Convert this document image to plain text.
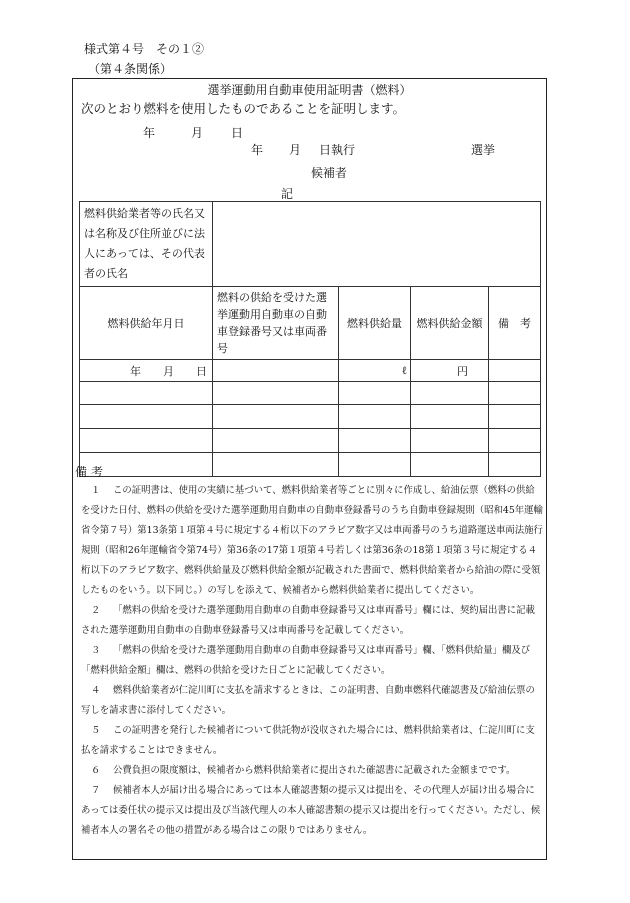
様式第４号　その１②
（第４条関係）
選挙運動用自動車使用証明書（燃料）
次のとおり燃料を使用したものであることを証明します。
年	月 日
年 月 日執行	選挙
候補者
記
燃料供給業者等の氏名又は名称及び住所並びに法人にあっては、その代表者の氏名				
燃料供給年月日	燃料の供給を受けた選挙運動用自動車の自動車登録番号又は車両番号	燃料供給量	燃料供給金額	備　考
年　　月　　日		ℓ	円	

備考

１ この証明書は、使用の実績に基づいて、燃料供給業者等ごとに別々に作成し、給油伝票（燃料の供給を受けた日付、燃料の供給を受けた選挙運動用自動車の自動車登録番号のうち自動車登録規則（昭和45年運輸省令第７号）第13条第１項第４号に規定する４桁以下のアラビア数字又は車両番号のうち道路運送車両法施行規則（昭和26年運輸省令第74号）第36条の17第１項第４号若しくは第36条の18第１項第３号に規定する４桁以下のアラビア数字、燃料供給量及び燃料供給金額が記載された書面で、燃料供給業者から給油の際に受領したものをいう。以下同じ。）の写しを添えて、候補者から燃料供給業者に提出してください。

２ 「燃料の供給を受けた選挙運動用自動車の自動車登録番号又は車両番号」欄には、契約届出書に記載された選挙運動用自動車の自動車登録番号又は車両番号を記載してください。

３ 「燃料の供給を受けた選挙運動用自動車の自動車登録番号又は車両番号」欄、「燃料供給量」欄及び「燃料供給金額」欄は、燃料の供給を受けた日ごとに記載してください。

４ 燃料供給業者が仁淀川町に支払を請求するときは、この証明書、自動車燃料代確認書及び給油伝票の写しを請求書に添付してください。

５ この証明書を発行した候補者について供託物が没収された場合には、燃料供給業者は、仁淀川町に支払を請求することはできません。

６ 公費負担の限度額は、候補者から燃料供給業者に提出された確認書に記載された金額までです。

７ 候補者本人が届け出る場合にあっては本人確認書類の提示又は提出を、その代理人が届け出る場合にあっては委任状の提示又は提出及び当該代理人の本人確認書類の提示又は提出を行ってください。ただし、候補者本人の署名その他の措置がある場合はこの限りではありません。
